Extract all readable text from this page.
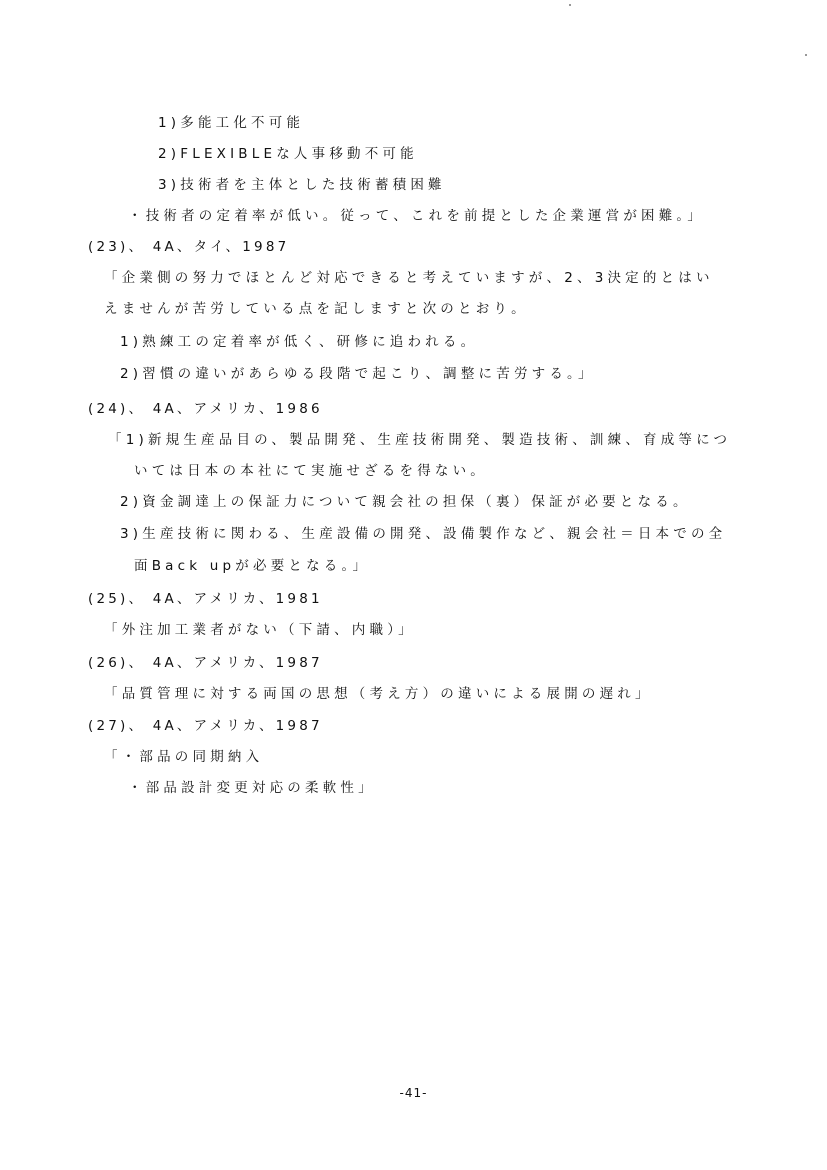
1)多能工化不可能
2)FLEXIBLEな人事移動不可能
3)技術者を主体とした技術蓄積困難
・技術者の定着率が低い。従って、これを前提とした企業運営が困難。」
(23)、 4A、タイ、1987
「企業側の努力でほとんど対応できると考えていますが、2、3決定的とはい
えませんが苦労している点を記しますと次のとおり。
1)熟練工の定着率が低く、研修に追われる。
2)習慣の違いがあらゆる段階で起こり、調整に苦労する。」
(24)、 4A、アメリカ、1986
「1)新規生産品目の、製品開発、生産技術開発、製造技術、訓練、育成等につ
いては日本の本社にて実施せざるを得ない。
2)資金調達上の保証力について親会社の担保（裏）保証が必要となる。
3)生産技術に関わる、生産設備の開発、設備製作など、親会社＝日本での全
面Back upが必要となる。」
(25)、 4A、アメリカ、1981
「外注加工業者がない（下請、内職）」
(26)、 4A、アメリカ、1987
「品質管理に対する両国の思想（考え方）の違いによる展開の遅れ」
(27)、 4A、アメリカ、1987
「・部品の同期納入
・部品設計変更対応の柔軟性」
-41-
